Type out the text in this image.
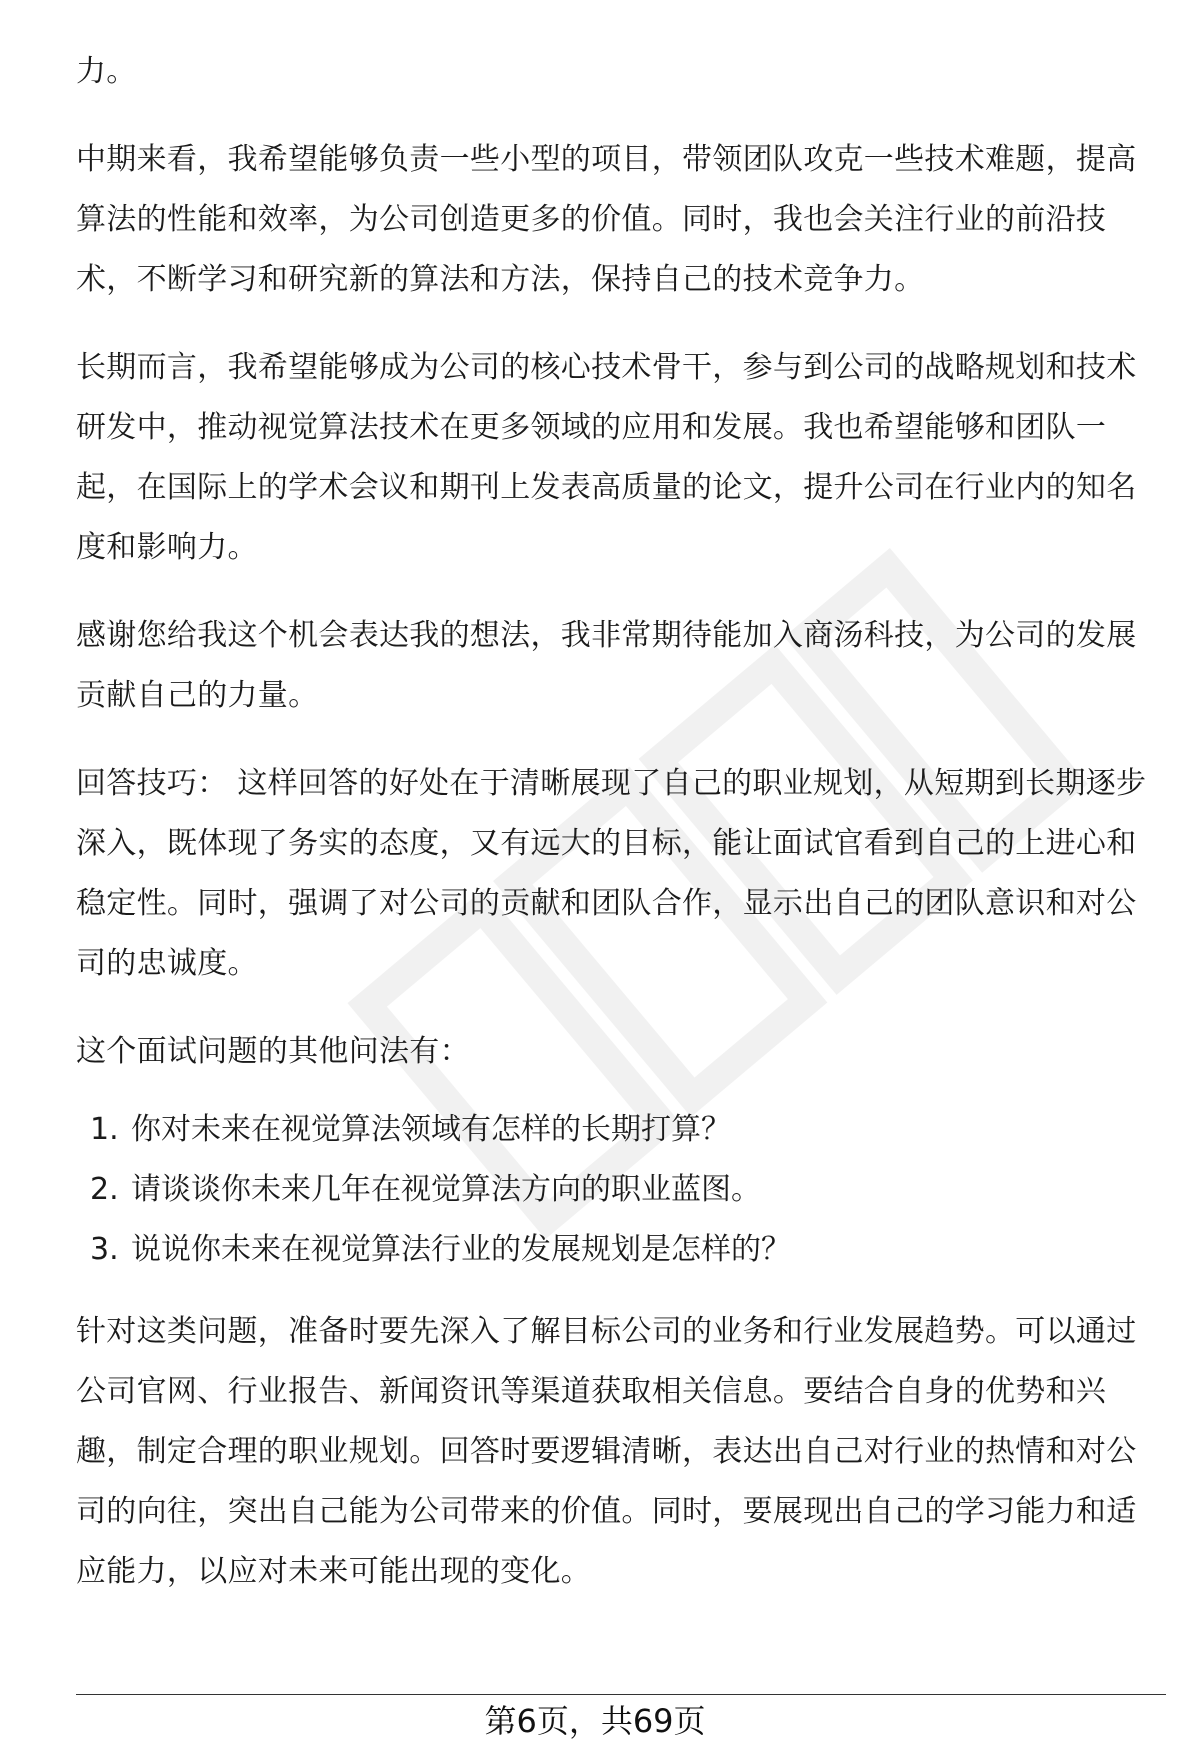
力。

中期来看，我希望能够负责一些小型的项目，带领团队攻克一些技术难题，提高算法的性能和效率，为公司创造更多的价值。同时，我也会关注行业的前沿技术，不断学习和研究新的算法和方法，保持自己的技术竞争力。

长期而言，我希望能够成为公司的核心技术骨干，参与到公司的战略规划和技术研发中，推动视觉算法技术在更多领域的应用和发展。我也希望能够和团队一起，在国际上的学术会议和期刊上发表高质量的论文，提升公司在行业内的知名度和影响力。

感谢您给我这个机会表达我的想法，我非常期待能加入商汤科技，为公司的发展贡献自己的力量。

回答技巧： 这样回答的好处在于清晰展现了自己的职业规划，从短期到长期逐步深入，既体现了务实的态度，又有远大的目标，能让面试官看到自己的上进心和稳定性。同时，强调了对公司的贡献和团队合作，显示出自己的团队意识和对公司的忠诚度。

这个面试问题的其他问法有：

1. 你对未来在视觉算法领域有怎样的长期打算？
2. 请谈谈你未来几年在视觉算法方向的职业蓝图。
3. 说说你未来在视觉算法行业的发展规划是怎样的？

针对这类问题，准备时要先深入了解目标公司的业务和行业发展趋势。可以通过公司官网、行业报告、新闻资讯等渠道获取相关信息。要结合自身的优势和兴趣，制定合理的职业规划。回答时要逻辑清晰，表达出自己对行业的热情和对公司的向往，突出自己能为公司带来的价值。同时，要展现出自己的学习能力和适应能力，以应对未来可能出现的变化。

第6页，共69页
